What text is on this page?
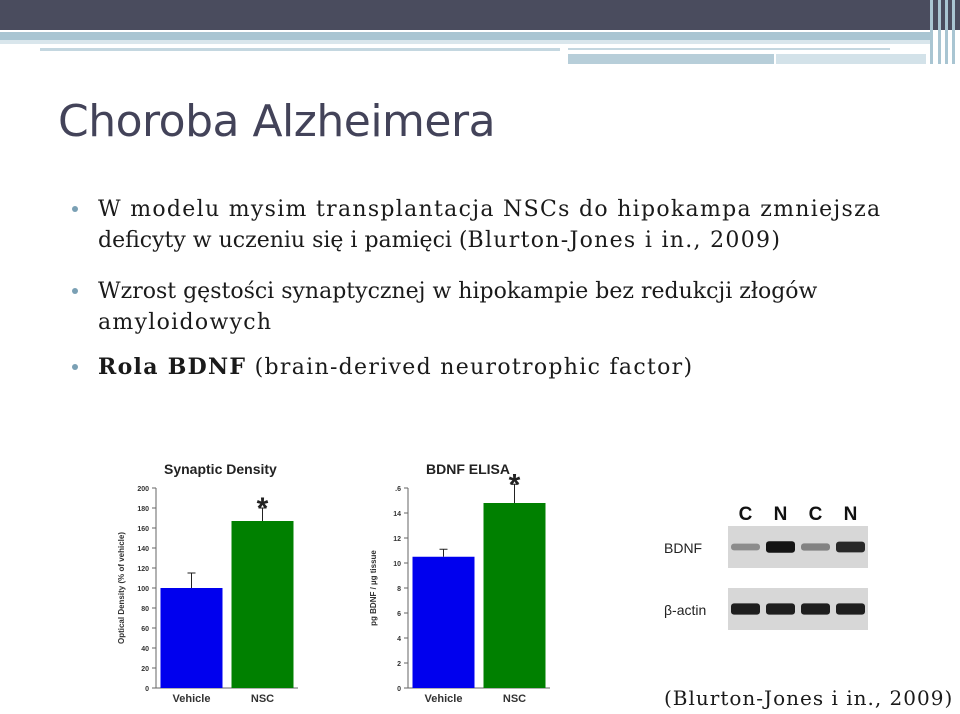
Choroba Alzheimera
W modelu mysim transplantacja NSCs do hipokampa zmniejsza
deficyty w uczeniu się i pamięci (Blurton-Jones i in., 2009)
Wzrost gęstości synaptycznej w hipokampie bez redukcji złogów
amyloidowych
Rola BDNF (brain-derived neurotrophic factor)
Synaptic Density
0
20
40
60
80
100
120
140
160
180
200
Optical Density (% of vehicle)
Vehicle	NSC
*
BDNF ELISA
0
2
4
6
8
10
12
14
.6
pg BDNF / µg tissue
Vehicle	NSC
*
C N C N
BDNF
β-actin
(Blurton-Jones i in., 2009)
